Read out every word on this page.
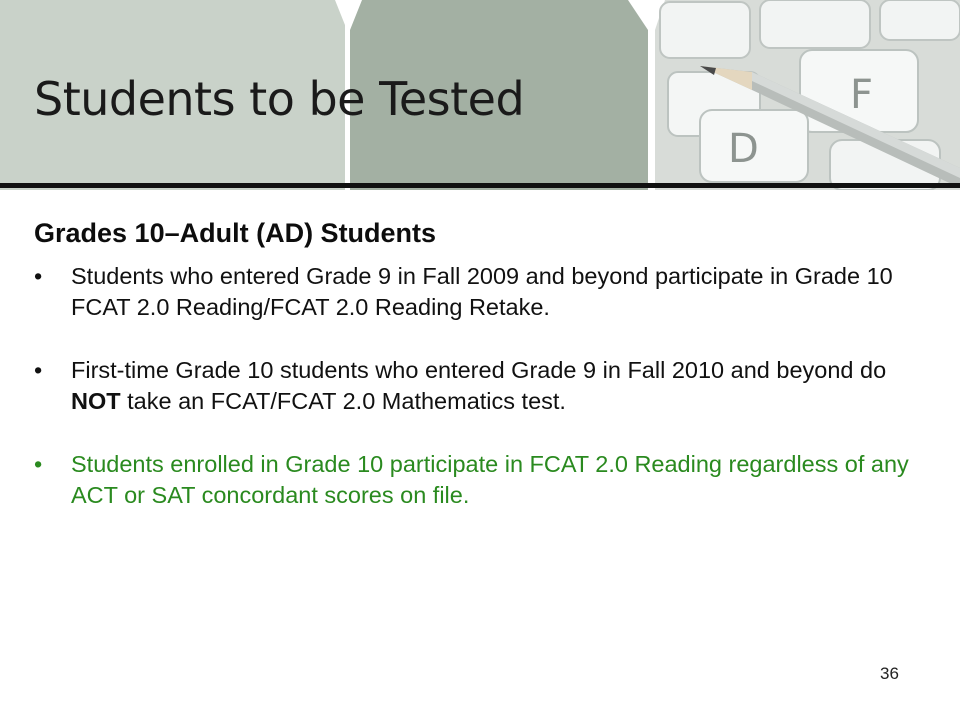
F
D
Students to be Tested
Grades 10–Adult (AD) Students
• Students who entered Grade 9 in Fall 2009 and beyond participate in Grade 10 FCAT 2.0 Reading/FCAT 2.0 Reading Retake.
• First-time Grade 10 students who entered Grade 9 in Fall 2010 and beyond do NOT take an FCAT/FCAT 2.0 Mathematics test.
• Students enrolled in Grade 10 participate in FCAT 2.0 Reading regardless of any ACT or SAT concordant scores on file.
36
